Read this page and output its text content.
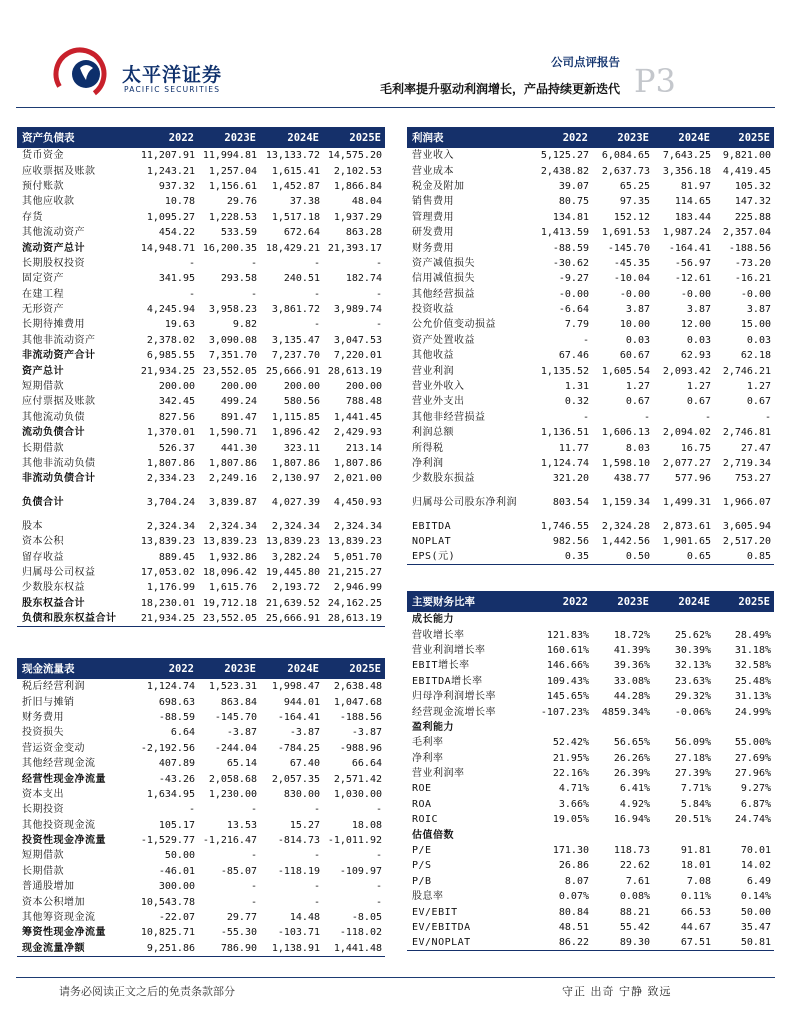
太平洋证券
PACIFIC SECURITIES
公司点评报告
毛利率提升驱动利润增长，产品持续更新迭代 P3
资产负债表	2022	2023E	2024E	2025E
货币资金	11,207.91	11,994.81	13,133.72	14,575.20
应收票据及账款	1,243.21	1,257.04	1,615.41	2,102.53
预付账款	937.32	1,156.61	1,452.87	1,866.84
其他应收款	10.78	29.76	37.38	48.04
存货	1,095.27	1,228.53	1,517.18	1,937.29
其他流动资产	454.22	533.59	672.64	863.28
流动资产总计	14,948.71	16,200.35	18,429.21	21,393.17
长期股权投资	-	-	-	-
固定资产	341.95	293.58	240.51	182.74
在建工程	-	-	-	-
无形资产	4,245.94	3,958.23	3,861.72	3,989.74
长期待摊费用	19.63	9.82	-	-
其他非流动资产	2,378.02	3,090.08	3,135.47	3,047.53
非流动资产合计	6,985.55	7,351.70	7,237.70	7,220.01
资产总计	21,934.25	23,552.05	25,666.91	28,613.19
短期借款	200.00	200.00	200.00	200.00
应付票据及账款	342.45	499.24	580.56	788.48
其他流动负债	827.56	891.47	1,115.85	1,441.45
流动负债合计	1,370.01	1,590.71	1,896.42	2,429.93
长期借款	526.37	441.30	323.11	213.14
其他非流动负债	1,807.86	1,807.86	1,807.86	1,807.86
非流动负债合计	2,334.23	2,249.16	2,130.97	2,021.00
负债合计	3,704.24	3,839.87	4,027.39	4,450.93
股本	2,324.34	2,324.34	2,324.34	2,324.34
资本公积	13,839.23	13,839.23	13,839.23	13,839.23
留存收益	889.45	1,932.86	3,282.24	5,051.70
归属母公司权益	17,053.02	18,096.42	19,445.80	21,215.27
少数股东权益	1,176.99	1,615.76	2,193.72	2,946.99
股东权益合计	18,230.01	19,712.18	21,639.52	24,162.25
负债和股东权益合计	21,934.25	23,552.05	25,666.91	28,613.19
利润表	2022	2023E	2024E	2025E
营业收入	5,125.27	6,084.65	7,643.25	9,821.00
营业成本	2,438.82	2,637.73	3,356.18	4,419.45
税金及附加	39.07	65.25	81.97	105.32
销售费用	80.75	97.35	114.65	147.32
管理费用	134.81	152.12	183.44	225.88
研发费用	1,413.59	1,691.53	1,987.24	2,357.04
财务费用	-88.59	-145.70	-164.41	-188.56
资产减值损失	-30.62	-45.35	-56.97	-73.20
信用减值损失	-9.27	-10.04	-12.61	-16.21
其他经营损益	-0.00	-0.00	-0.00	-0.00
投资收益	-6.64	3.87	3.87	3.87
公允价值变动损益	7.79	10.00	12.00	15.00
资产处置收益	-	0.03	0.03	0.03
其他收益	67.46	60.67	62.93	62.18
营业利润	1,135.52	1,605.54	2,093.42	2,746.21
营业外收入	1.31	1.27	1.27	1.27
营业外支出	0.32	0.67	0.67	0.67
其他非经营损益	-	-	-	-
利润总额	1,136.51	1,606.13	2,094.02	2,746.81
所得税	11.77	8.03	16.75	27.47
净利润	1,124.74	1,598.10	2,077.27	2,719.34
少数股东损益	321.20	438.77	577.96	753.27
归属母公司股东净利润	803.54	1,159.34	1,499.31	1,966.07
EBITDA	1,746.55	2,324.28	2,873.61	3,605.94
NOPLAT	982.56	1,442.56	1,901.65	2,517.20
EPS(元)	0.35	0.50	0.65	0.85
现金流量表	2022	2023E	2024E	2025E
税后经营利润	1,124.74	1,523.31	1,998.47	2,638.48
折旧与摊销	698.63	863.84	944.01	1,047.68
财务费用	-88.59	-145.70	-164.41	-188.56
投资损失	6.64	-3.87	-3.87	-3.87
营运资金变动	-2,192.56	-244.04	-784.25	-988.96
其他经营现金流	407.89	65.14	67.40	66.64
经营性现金净流量	-43.26	2,058.68	2,057.35	2,571.42
资本支出	1,634.95	1,230.00	830.00	1,030.00
长期投资	-	-	-	-
其他投资现金流	105.17	13.53	15.27	18.08
投资性现金净流量	-1,529.77	-1,216.47	-814.73	-1,011.92
短期借款	50.00	-	-	-
长期借款	-46.01	-85.07	-118.19	-109.97
普通股增加	300.00	-	-	-
资本公积增加	10,543.78	-	-	-
其他筹资现金流	-22.07	29.77	14.48	-8.05
筹资性现金净流量	10,825.71	-55.30	-103.71	-118.02
现金流量净额	9,251.86	786.90	1,138.91	1,441.48
主要财务比率	2022	2023E	2024E	2025E
成长能力				
营收增长率	121.83%	18.72%	25.62%	28.49%
营业利润增长率	160.61%	41.39%	30.39%	31.18%
EBIT增长率	146.66%	39.36%	32.13%	32.58%
EBITDA增长率	109.43%	33.08%	23.63%	25.48%
归母净利润增长率	145.65%	44.28%	29.32%	31.13%
经营现金流增长率	-107.23%	4859.34%	-0.06%	24.99%
盈利能力				
毛利率	52.42%	56.65%	56.09%	55.00%
净利率	21.95%	26.26%	27.18%	27.69%
营业利润率	22.16%	26.39%	27.39%	27.96%
ROE	4.71%	6.41%	7.71%	9.27%
ROA	3.66%	4.92%	5.84%	6.87%
ROIC	19.05%	16.94%	20.51%	24.74%
估值倍数				
P/E	171.30	118.73	91.81	70.01
P/S	26.86	22.62	18.01	14.02
P/B	8.07	7.61	7.08	6.49
股息率	0.07%	0.08%	0.11%	0.14%
EV/EBIT	80.84	88.21	66.53	50.00
EV/EBITDA	48.51	55.42	44.67	35.47
EV/NOPLAT	86.22	89.30	67.51	50.81
请务必阅读正文之后的免责条款部分	守正 出奇 宁静 致远
